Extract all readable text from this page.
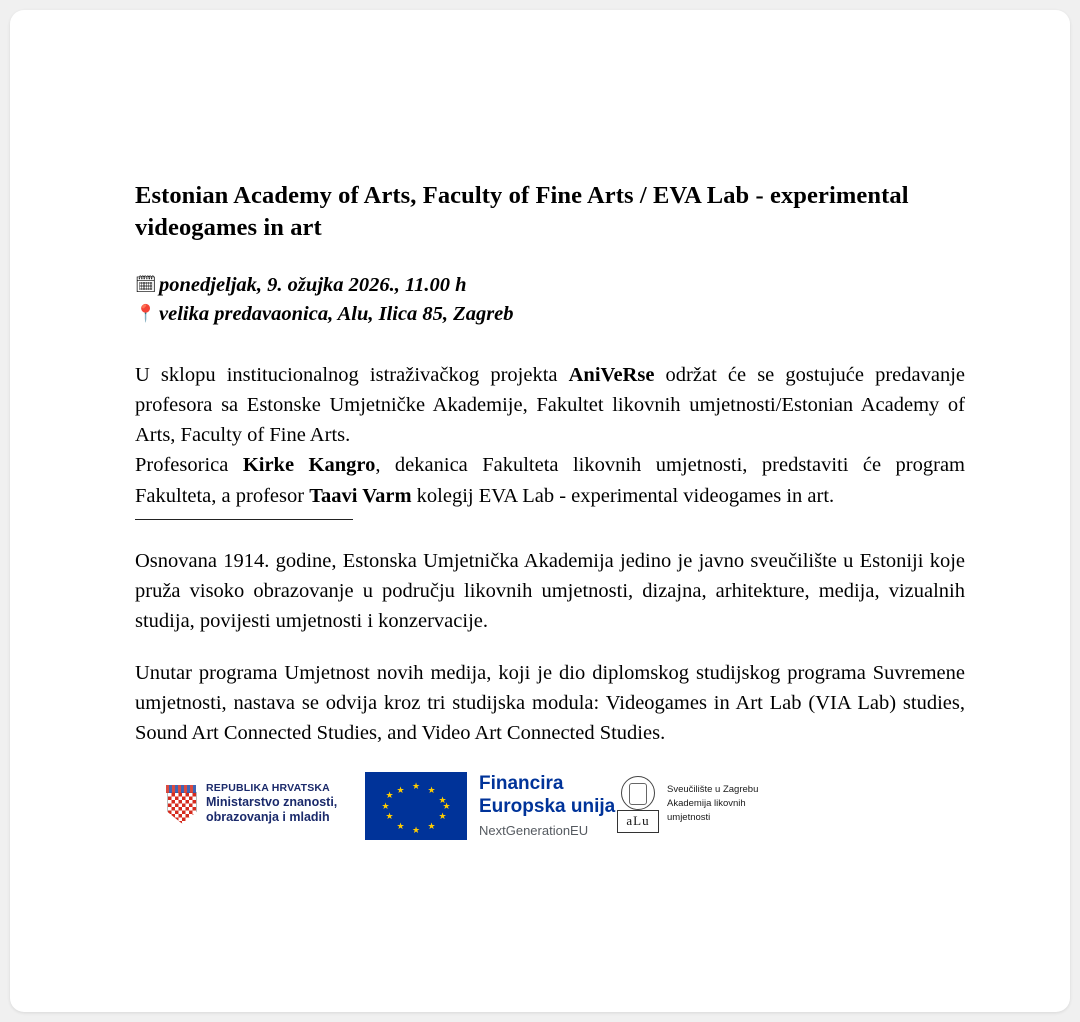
Estonian Academy of Arts, Faculty of Fine Arts / EVA Lab - experimental videogames in art
🗓 ponedjeljak, 9. ožujka 2026., 11.00 h
📍 velika predavaonica, Alu, Ilica 85, Zagreb

U sklopu institucionalnog istraživačkog projekta AniVeRse održat će se gostujuće predavanje profesora sa Estonske Umjetničke Akademije, Fakultet likovnih umjetnosti/Estonian Academy of Arts, Faculty of Fine Arts.

Profesorica Kirke Kangro, dekanica Fakulteta likovnih umjetnosti, predstaviti će program Fakulteta, a profesor Taavi Varm kolegij EVA Lab - experimental videogames in art.

Osnovana 1914. godine, Estonska Umjetnička Akademija jedino je javno sveučilište u Estoniji koje pruža visoko obrazovanje u području likovnih umjetnosti, dizajna, arhitekture, medija, vizualnih studija, povijesti umjetnosti i konzervacije.

Unutar programa Umjetnost novih medija, koji je dio diplomskog studijskog programa Suvremene umjetnosti, nastava se odvija kroz tri studijska modula: Videogames in Art Lab (VIA Lab) studies, Sound Art Connected Studies, and Video Art Connected Studies.

REPUBLIKA HRVATSKA
Ministarstvo znanosti,
obrazovanja i mladih
★ ★
★
★
★
★
★
★
★
★
★
★	Financira
Europska unija
NextGenerationEU
aLu
Sveučilište u Zagrebu
Akademija likovnih
umjetnosti
